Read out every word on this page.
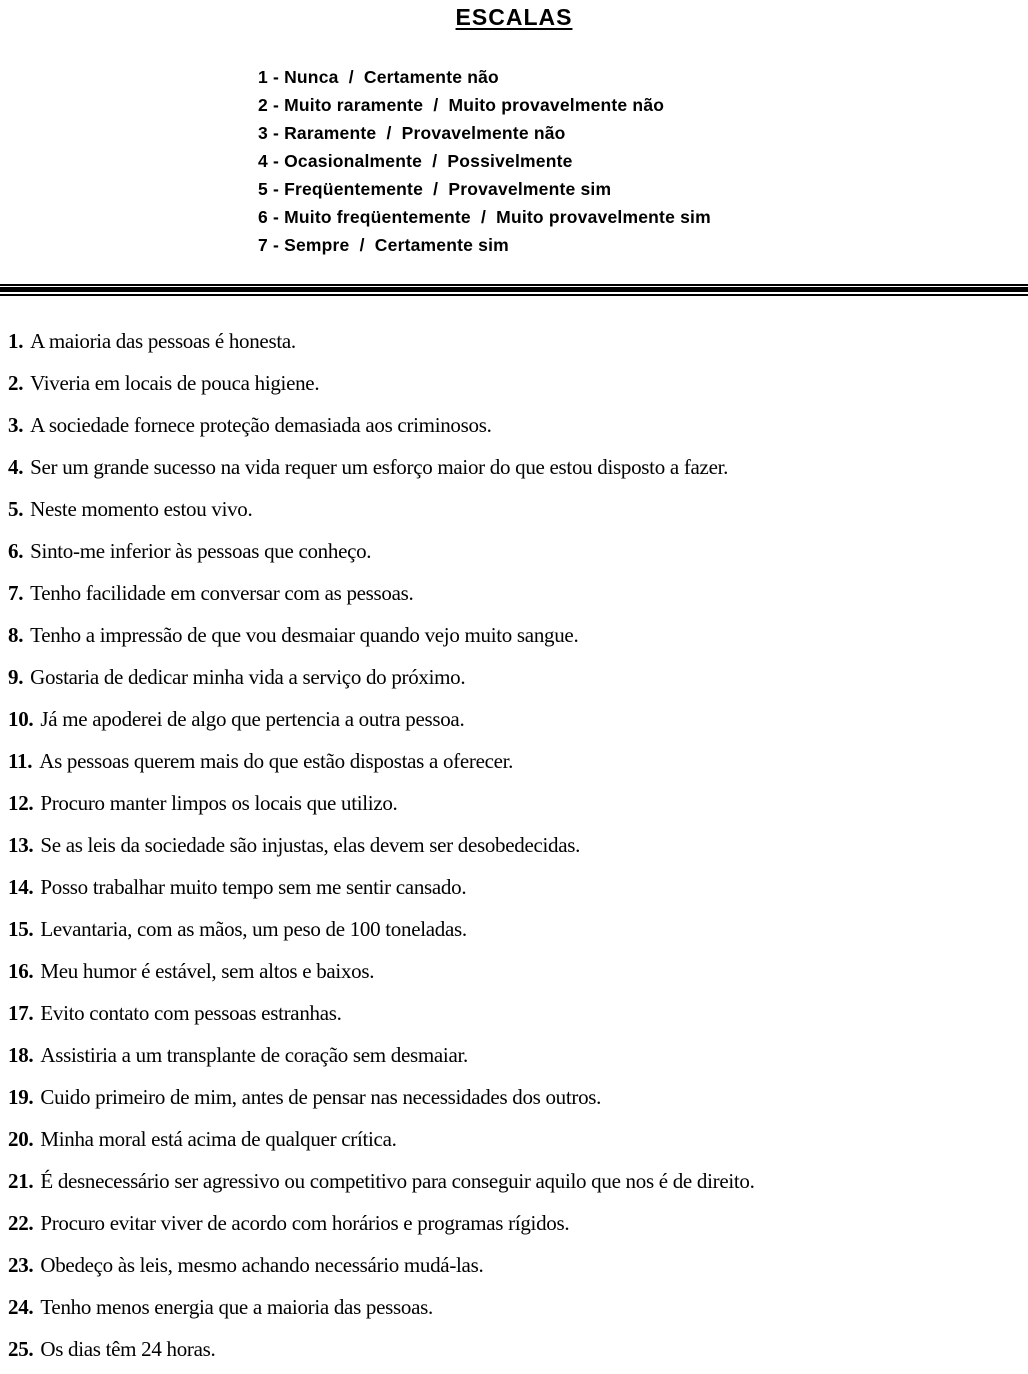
ESCALAS
1 - Nunca  /  Certamente não
2 - Muito raramente  /  Muito provavelmente não
3 - Raramente  /  Provavelmente não
4 - Ocasionalmente  /  Possivelmente
5 - Freqüentemente  /  Provavelmente sim
6 - Muito freqüentemente  /  Muito provavelmente sim
7 - Sempre  /  Certamente sim
1. A maioria das pessoas é honesta.
2. Viveria em locais de pouca higiene.
3. A sociedade fornece proteção demasiada aos criminosos.
4. Ser um grande sucesso na vida requer um esforço maior do que estou disposto a fazer.
5. Neste momento estou vivo.
6. Sinto-me inferior às pessoas que conheço.
7. Tenho facilidade em conversar com as pessoas.
8. Tenho a impressão de que vou desmaiar quando vejo muito sangue.
9. Gostaria de dedicar minha vida a serviço do próximo.
10. Já me apoderei de algo que pertencia a outra pessoa.
11. As pessoas querem mais do que estão dispostas a oferecer.
12. Procuro manter limpos os locais que utilizo.
13. Se as leis da sociedade são injustas, elas devem ser desobedecidas.
14. Posso trabalhar muito tempo sem me sentir cansado.
15. Levantaria, com as mãos, um peso de 100 toneladas.
16. Meu humor é estável, sem altos e baixos.
17. Evito contato com pessoas estranhas.
18. Assistiria a um transplante de coração sem desmaiar.
19. Cuido primeiro de mim, antes de pensar nas necessidades dos outros.
20. Minha moral está acima de qualquer crítica.
21. É desnecessário ser agressivo ou competitivo para conseguir aquilo que nos é de direito.
22. Procuro evitar viver de acordo com horários e programas rígidos.
23. Obedeço às leis, mesmo achando necessário mudá-las.
24. Tenho menos energia que a maioria das pessoas.
25. Os dias têm 24 horas.
